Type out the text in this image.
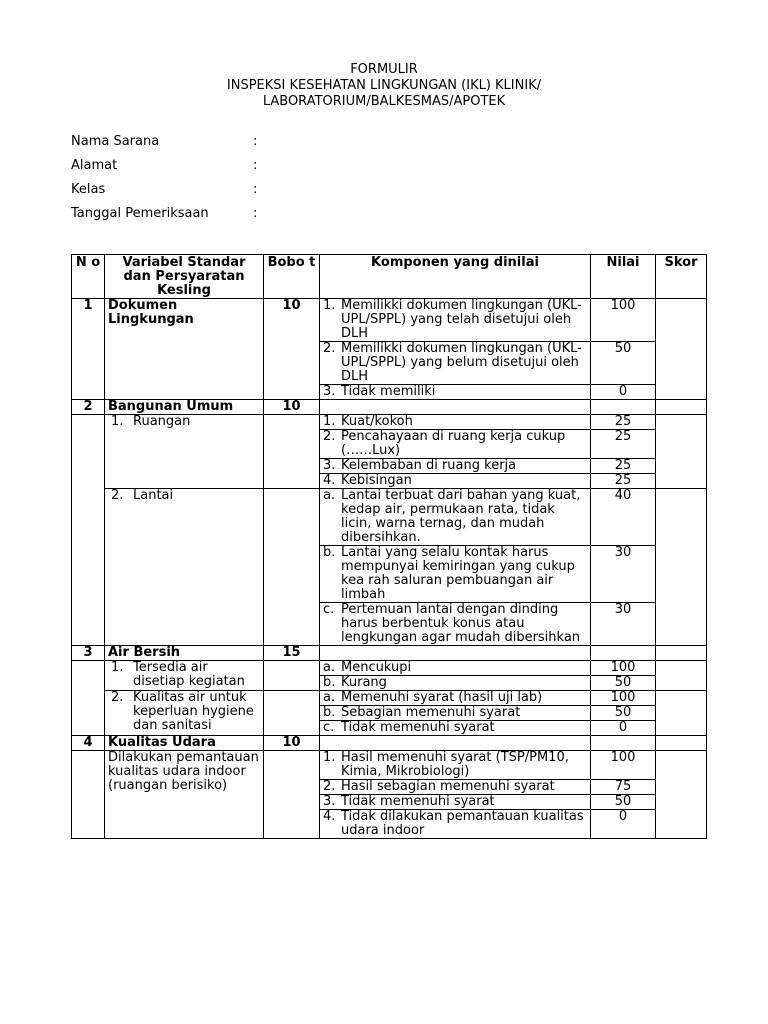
FORMULIR
INSPEKSI KESEHATAN LINGKUNGAN (IKL) KLINIK/
LABORATORIUM/BALKESMAS/APOTEK
Nama Sarana	:
Alamat	:
Kelas	:
Tanggal Pemeriksaan	:
N o	Variabel Standar dan Persyaratan Kesling	Bobo t	Komponen yang dinilai	Nilai	Skor
1	Dokumen Lingkungan	10	1. Memilikki dokumen lingkungan (UKL-UPL/SPPL) yang telah disetujui oleh DLH	100	

			2. Memilikki dokumen lingkungan (UKL-UPL/SPPL) yang belum disetujui oleh DLH	50	

			3. Tidak memiliki	0	
2	Bangunan Umum	10			

	1. Ruangan		1. Kuat/kokoh	25	

			2. Pencahayaan di ruang kerja cukup (……Lux)	25	

			3. Kelembaban di ruang kerja	25	

			4. Kebisingan	25	

	2. Lantai		a. Lantai terbuat dari bahan yang kuat, kedap air, permukaan rata, tidak licin, warna ternag, dan mudah dibersihkan.	40	

			b. Lantai yang selalu kontak harus mempunyai kemiringan yang cukup kea rah saluran pembuangan air limbah	30	

			c. Pertemuan lantai dengan dinding harus berbentuk konus atau lengkungan agar mudah dibersihkan	30	
3	Air Bersih	15			

	1. Tersedia air disetiap kegiatan		a. Mencukupi	100	

			b. Kurang	50	

	2. Kualitas air untuk keperluan hygiene dan sanitasi		a. Memenuhi syarat (hasil uji lab)	100	

			b. Sebagian memenuhi syarat	50	

			c. Tidak memenuhi syarat	0	
4	Kualitas Udara	10			
	Dilakukan pemantauan kualitas udara indoor (ruangan berisiko)		1. Hasil memenuhi syarat (TSP/PM10, Kimia, Mikrobiologi)	100	

			2. Hasil sebagian memenuhi syarat	75	

			3. Tidak memenuhi syarat	50	

			4. Tidak dilakukan pemantauan kualitas udara indoor	0	
